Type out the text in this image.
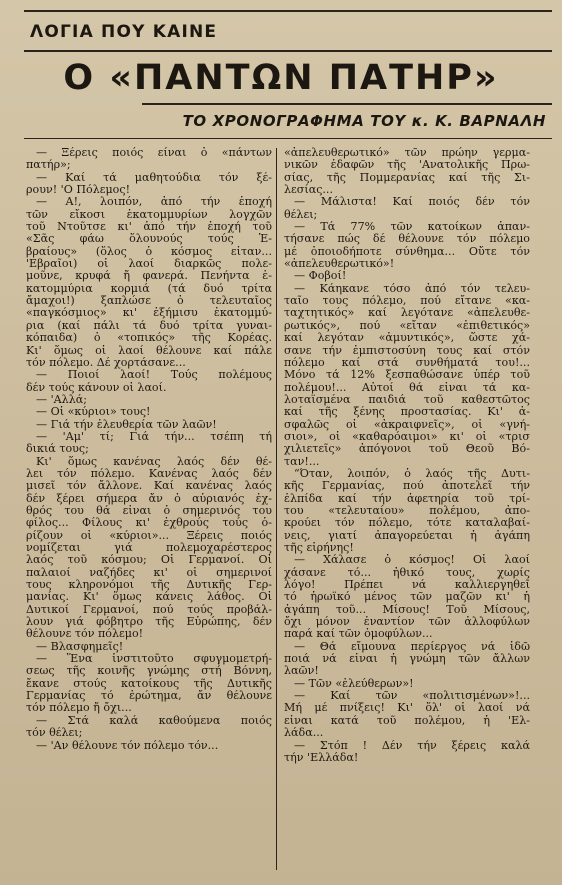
ΛΟΓΙΑ ΠΟΥ ΚΑΙΝΕ
Ο «ΠΑΝΤΩΝ ΠΑΤΗΡ»
ΤΟ ΧΡΟΝΟΓΡΑΦΗΜΑ ΤΟΥ κ. Κ. ΒΑΡΝΑΛΗ
— Ξέρεις ποιός είναι ὁ «πάντων
πατήρ»;
— Καί τά μαθητούδια τόν ξέ-
ρουν! 'Ο Πόλεμος!
— Α!, λοιπόν, ἀπό τήν ἐποχή
τῶν εἴκοσι ἑκατομμυρίων λογχῶν
τοῦ Ντοῦτσε κι' ἀπό τήν ἐποχή τοῦ
«Σᾶς φάω ὅλουνούς τούς Ἑ-
βραίους» (ὅλος ὁ κόσμος εἶταν...
'Εβραῖοι) οἱ λαοί διαρκῶς πολε-
μοῦνε, κρυφά ἤ φανερά. Πενήντα ἑ-
κατομμύρια κορμιά (τά δυό τρίτα
ἄμαχοι!) ξαπλώσε ὁ τελευταῖος
«παγκόσμιος» κι' ἐξήμισυ ἑκατομμύ-
ρια (καί πάλι τά δυό τρίτα γυναι-
κόπαιδα) ὁ «τοπικός» τῆς Κορέας.
Κι' ὅμως οἱ λαοί θέλουνε καί πάλε
τόν πόλεμο. Δέ χορτάσανε...
— Ποιοί λαοί! Τούς πολέμους
δέν τούς κάνουν οἱ λαοί.
— 'Αλλά;
— Οἱ «κύριοι» τους!
— Γιά τήν ἐλευθερία τῶν λαῶν!
— 'Αμ' τί; Γιά τήν... τσέπη τή
δικιά τους;
Κι' ὅμως κανένας λαός δέν θέ-
λει τόν πόλεμο. Κανένας λαός δέν
μισεῖ τόν ἄλλονε. Καί κανένας λαός
δέν ξέρει σήμερα ἄν ὁ αὐριανός ἐχ-
θρός του θά εἶναι ὁ σημερινός του
φίλος... Φίλους κι' ἐχθρούς τούς ὁ-
ρίζουν οἱ «κύριοι»... Ξέρεις ποιός
νομίζεται γιά πολεμοχαρέστερος
λαός τοῦ κόσμου; Οἱ Γερμανοί. Οἱ
παλαιοί ναζήδες κι' οἱ σημερινοί
τους κληρονόμοι τῆς Δυτικῆς Γερ-
μανίας. Κι' ὅμως κάνεις λάθος. Οἱ
Δυτικοί Γερμανοί, πού τούς προβάλ-
λουν γιά φόβητρο τῆς Εὐρώπης, δέν
θέλουνε τόν πόλεμο!
— Βλασφημεῖς!
— Ἕνα ἰνστιτοῦτο σφυγμομετρή-
σεως τῆς κοινῆς γνώμης στή Βόννη,
ἔκανε στούς κατοίκους τῆς Δυτικῆς
Γερμανίας τό ἐρώτημα, ἄν θέλουνε
τόν πόλεμο ἤ ὄχι...
— Στά καλά καθούμενα ποιός
τόν θέλει;
— 'Αν θέλουνε τόν πόλεμο τόν...
«ἀπελευθερωτικό» τῶν πρώην γερμα-
νικῶν ἐδαφῶν τῆς 'Ανατολικῆς Πρω-
σίας, τῆς Πομμερανίας καί τῆς Σι-
λεσίας...
— Μάλιστα! Καί ποιός δέν τόν
θέλει;
— Τά 77% τῶν κατοίκων ἀπαν-
τήσανε πώς δέ θέλουνε τόν πόλεμο
μέ ὁποιοδήποτε σύνθημα... Οὔτε τόν
«ἀπελευθερωτικό»!
— Φοβοί!
— Κάηκανε τόσο ἀπό τόν τελευ-
ταῖο τους πόλεμο, πού εἴτανε «κα-
ταχτητικός» καί λεγότανε «ἀπελευθε-
ρωτικός», πού «εἴταν «ἐπιθετικός»
καί λεγόταν «ἀμυντικός», ὥστε χά-
σανε τήν ἐμπιστοσύνη τους καί στόν
πόλεμο καί στά συνθήματά του!...
Μόνο τά 12% ξεσπαθώσανε ὑπέρ τοῦ
πολέμου!... Αὐτοί θά εἶναι τά κα-
λοταϊσμένα παιδιά τοῦ καθεστῶτος
καί τῆς ξένης προστασίας. Κι' ἀ-
σφαλῶς οἱ «ἀκραιφνεῖς», οἱ «γνή-
σιοι», οἱ «καθαρόαιμοι» κι' οἱ «τρισ
χιλιετεῖς» ἀπόγονοι τοῦ Θεοῦ Βό-
ταν!...
“Όταν, λοιπόν, ὁ λαός τῆς Δυτι-
κῆς Γερμανίας, πού ἀποτελεῖ τήν
ἐλπίδα καί τήν ἀφετηρία τοῦ τρί-
του «τελευταίου» πολέμου, ἀπο-
κρούει τόν πόλεμο, τότε καταλαβαί-
νεις, γιατί ἀπαγορεύεται ἡ ἀγάπη
τῆς εἰρήνης!
— Χάλασε ὁ κόσμος! Οἱ λαοί
χάσανε τό... ἠθικό τους, χωρίς
λόγο! Πρέπει νά καλλιεργηθεῖ
τό ἡρωϊκό μένος τῶν μαζῶν κι' ἡ
ἀγάπη τοῦ... Μίσους! Τοῦ Μίσους,
ὄχι μόνον ἐναντίον τῶν ἀλλοφύλων
παρά καί τῶν ὁμοφύλων...
— Θά εἴμουνα περίεργος νά ἰδῶ
ποιά νά εἶναι ἡ γνώμη τῶν ἄλλων
λαῶν!
— Τῶν «ἐλεύθερων»!
— Καί τῶν «πολιτισμένων»!...
Μή μέ πνίξεις! Κι' ὅλ' οἱ λαοί νά
εἶναι κατά τοῦ πολέμου, ἡ 'Ελ-
λάδα...
— Στόπ ! Δέν τήν ξέρεις καλά
τήν 'Ελλάδα!
